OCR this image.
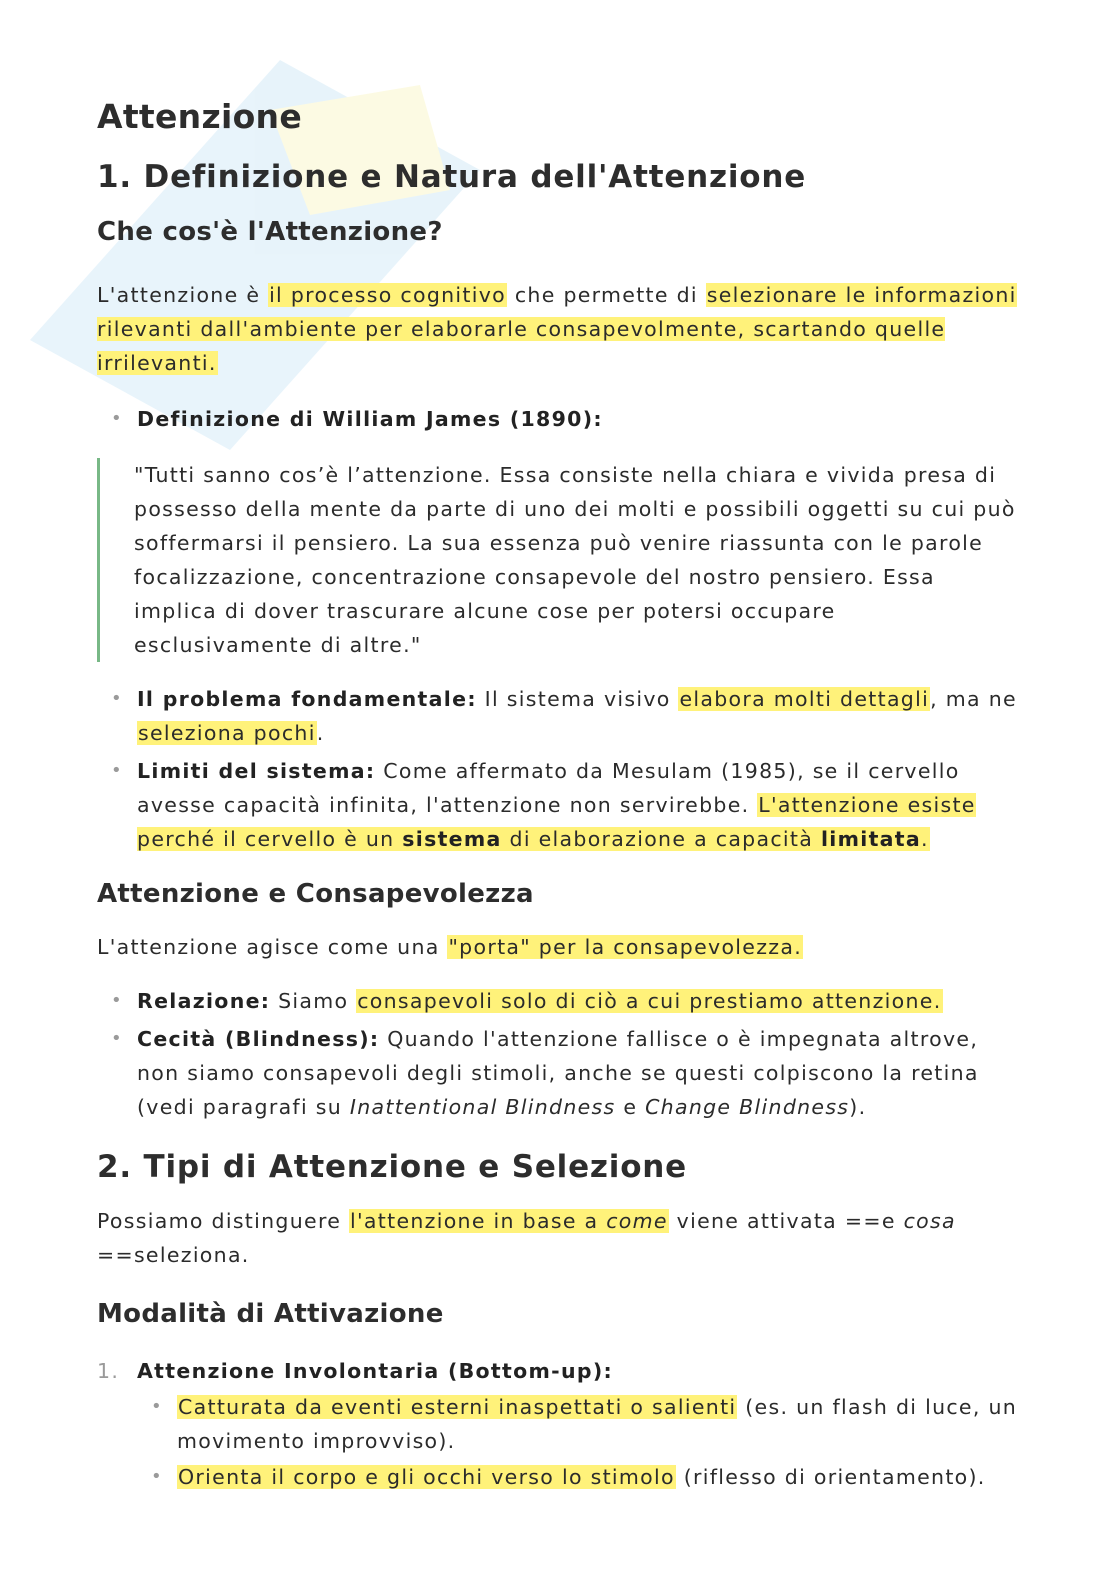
Attenzione
1. Definizione e Natura dell'Attenzione
Che cos'è l'Attenzione?

L'attenzione è il processo cognitivo che permette di selezionare le informazioni rilevanti dall'ambiente per elaborarle consapevolmente, scartando quelle irrilevanti.

• Definizione di William James (1890):
"Tutti sanno cos’è l’attenzione. Essa consiste nella chiara e vivida presa di possesso della mente da parte di uno dei molti e possibili oggetti su cui può soffermarsi il pensiero. La sua essenza può venire riassunta con le parole focalizzazione, concentrazione consapevole del nostro pensiero. Essa implica di dover trascurare alcune cose per potersi occupare esclusivamente di altre."
• Il problema fondamentale: Il sistema visivo elabora molti dettagli, ma ne seleziona pochi.
• Limiti del sistema: Come affermato da Mesulam (1985), se il cervello avesse capacità infinita, l'attenzione non servirebbe. L'attenzione esiste perché il cervello è un sistema di elaborazione a capacità limitata.
Attenzione e Consapevolezza

L'attenzione agisce come una "porta" per la consapevolezza.

• Relazione: Siamo consapevoli solo di ciò a cui prestiamo attenzione.
• Cecità (Blindness): Quando l'attenzione fallisce o è impegnata altrove, non siamo consapevoli degli stimoli, anche se questi colpiscono la retina (vedi paragrafi su Inattentional Blindness e Change Blindness).
2. Tipi di Attenzione e Selezione

Possiamo distinguere l'attenzione in base a come viene attivata ==e cosa ==seleziona.

Modalità di Attivazione
1. Attenzione Involontaria (Bottom-up):
• Catturata da eventi esterni inaspettati o salienti (es. un flash di luce, un movimento improvviso).
• Orienta il corpo e gli occhi verso lo stimolo (riflesso di orientamento).
